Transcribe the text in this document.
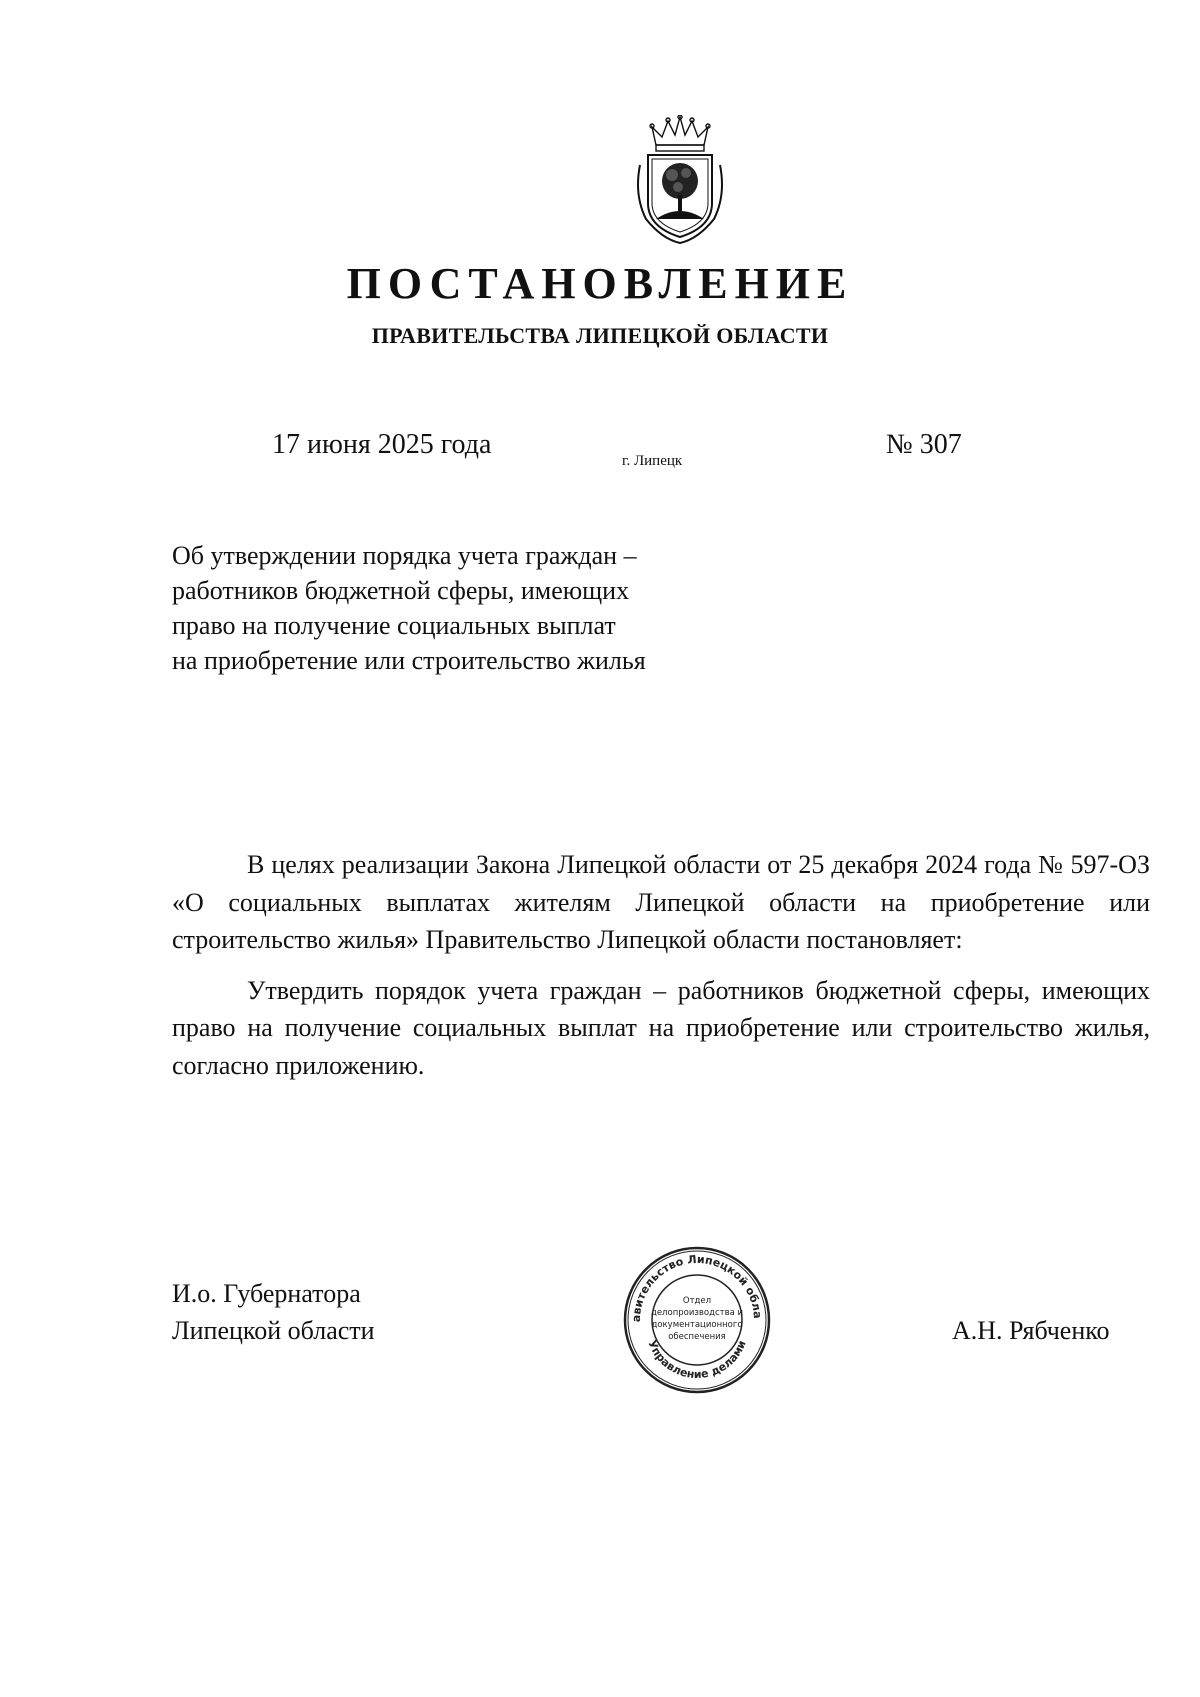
ПОСТАНОВЛЕНИЕ
ПРАВИТЕЛЬСТВА ЛИПЕЦКОЙ ОБЛАСТИ
17 июня 2025 года
г. Липецк
№ 307
Об утверждении порядка учета граждан –
работников бюджетной сферы, имеющих
право на получение социальных выплат
на приобретение или строительство жилья

В целях реализации Закона Липецкой области от 25 декабря 2024 года № 597-ОЗ «О социальных выплатах жителям Липецкой области на приобретение или строительство жилья» Правительство Липецкой области постановляет:

Утвердить порядок учета граждан – работников бюджетной сферы, имеющих право на получение социальных выплат на приобретение или строительство жилья, согласно приложению.

И.о. Губернатора
Липецкой области	авительство Липецкой обла
Управление делами
Отдел
делопроизводства и
документационного
обеспечения	А.Н. Рябченко
